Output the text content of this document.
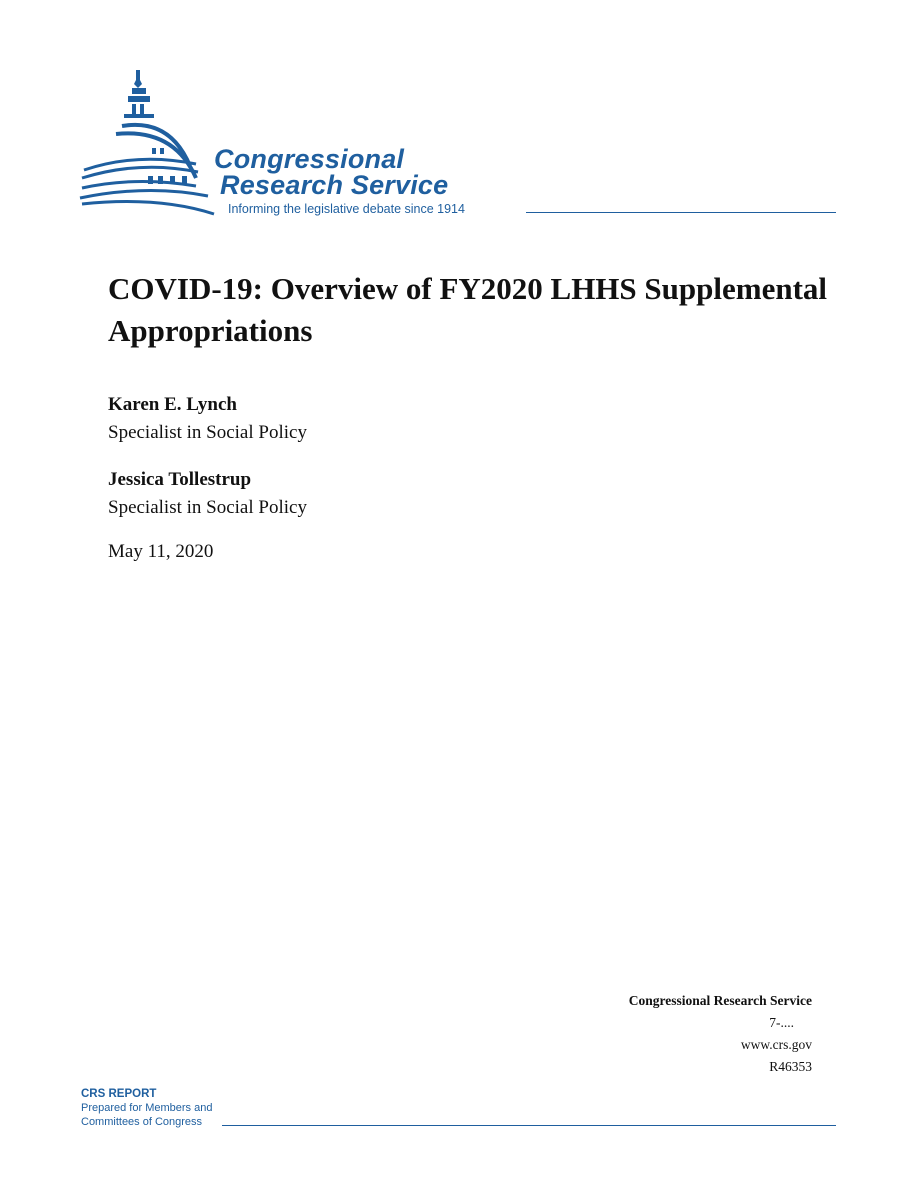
Congressional
Research Service
Informing the legislative debate since 1914
COVID-19: Overview of FY2020 LHHS Supplemental Appropriations
Karen E. Lynch
Specialist in Social Policy
Jessica Tollestrup
Specialist in Social Policy
May 11, 2020
Congressional Research Service
7-....
www.crs.gov
R46353
CRS REPORT
Prepared for Members and
Committees of Congress
